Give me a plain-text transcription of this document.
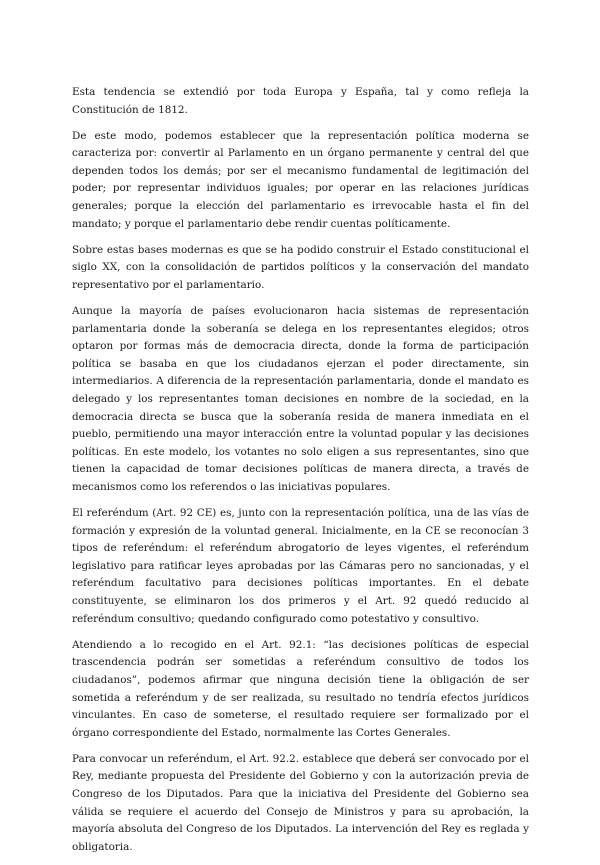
Esta tendencia se extendió por toda Europa y España, tal y como refleja la Constitución de 1812.

De este modo, podemos establecer que la representación política moderna se caracteriza por: convertir al Parlamento en un órgano permanente y central del que dependen todos los demás; por ser el mecanismo fundamental de legitimación del poder; por representar individuos iguales; por operar en las relaciones jurídicas generales; porque la elección del parlamentario es irrevocable hasta el fin del mandato; y porque el parlamentario debe rendir cuentas políticamente.

Sobre estas bases modernas es que se ha podido construir el Estado constitucional el siglo XX, con la consolidación de partidos políticos y la conservación del mandato representativo por el parlamentario.

Aunque la mayoría de países evolucionaron hacia sistemas de representación parlamentaria donde la soberanía se delega en los representantes elegidos; otros optaron por formas más de democracia directa, donde la forma de participación política se basaba en que los ciudadanos ejerzan el poder directamente, sin intermediarios. A diferencia de la representación parlamentaria, donde el mandato es delegado y los representantes toman decisiones en nombre de la sociedad, en la democracia directa se busca que la soberanía resida de manera inmediata en el pueblo, permitiendo una mayor interacción entre la voluntad popular y las decisiones políticas. En este modelo, los votantes no solo eligen a sus representantes, sino que tienen la capacidad de tomar decisiones políticas de manera directa, a través de mecanismos como los referendos o las iniciativas populares.

El referéndum (Art. 92 CE) es, junto con la representación política, una de las vías de formación y expresión de la voluntad general. Inicialmente, en la CE se reconocían 3 tipos de referéndum: el referéndum abrogatorio de leyes vigentes, el referéndum legislativo para ratificar leyes aprobadas por las Cámaras pero no sancionadas, y el referéndum facultativo para decisiones políticas importantes. En el debate constituyente, se eliminaron los dos primeros y el Art. 92 quedó reducido al referéndum consultivo; quedando configurado como potestativo y consultivo.

Atendiendo a lo recogido en el Art. 92.1: “las decisiones políticas de especial trascendencia podrán ser sometidas a referéndum consultivo de todos los ciudadanos”, podemos afirmar que ninguna decisión tiene la obligación de ser sometida a referéndum y de ser realizada, su resultado no tendría efectos jurídicos vinculantes. En caso de someterse, el resultado requiere ser formalizado por el órgano correspondiente del Estado, normalmente las Cortes Generales.

Para convocar un referéndum, el Art. 92.2. establece que deberá ser convocado por el Rey, mediante propuesta del Presidente del Gobierno y con la autorización previa de Congreso de los Diputados. Para que la iniciativa del Presidente del Gobierno sea válida se requiere el acuerdo del Consejo de Ministros y para su aprobación, la mayoría absoluta del Congreso de los Diputados. La intervención del Rey es reglada y obligatoria.
